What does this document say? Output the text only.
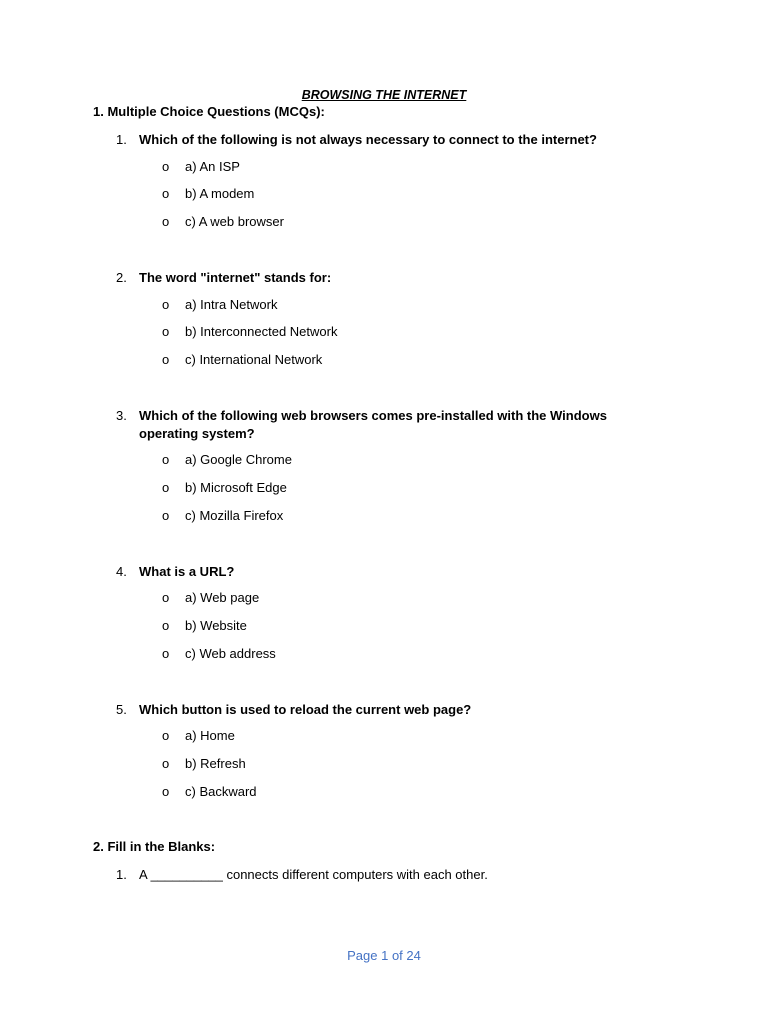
BROWSING THE INTERNET
1. Multiple Choice Questions (MCQs):
1. Which of the following is not always necessary to connect to the internet?
o a) An ISP
o b) A modem
o c) A web browser
2. The word "internet" stands for:
o a) Intra Network
o b) Interconnected Network
o c) International Network
3. Which of the following web browsers comes pre-installed with the Windows operating system?
o a) Google Chrome
o b) Microsoft Edge
o c) Mozilla Firefox
4. What is a URL?
o a) Web page
o b) Website
o c) Web address
5. Which button is used to reload the current web page?
o a) Home
o b) Refresh
o c) Backward
2. Fill in the Blanks:
1. A __________ connects different computers with each other.
Page 1 of 24
